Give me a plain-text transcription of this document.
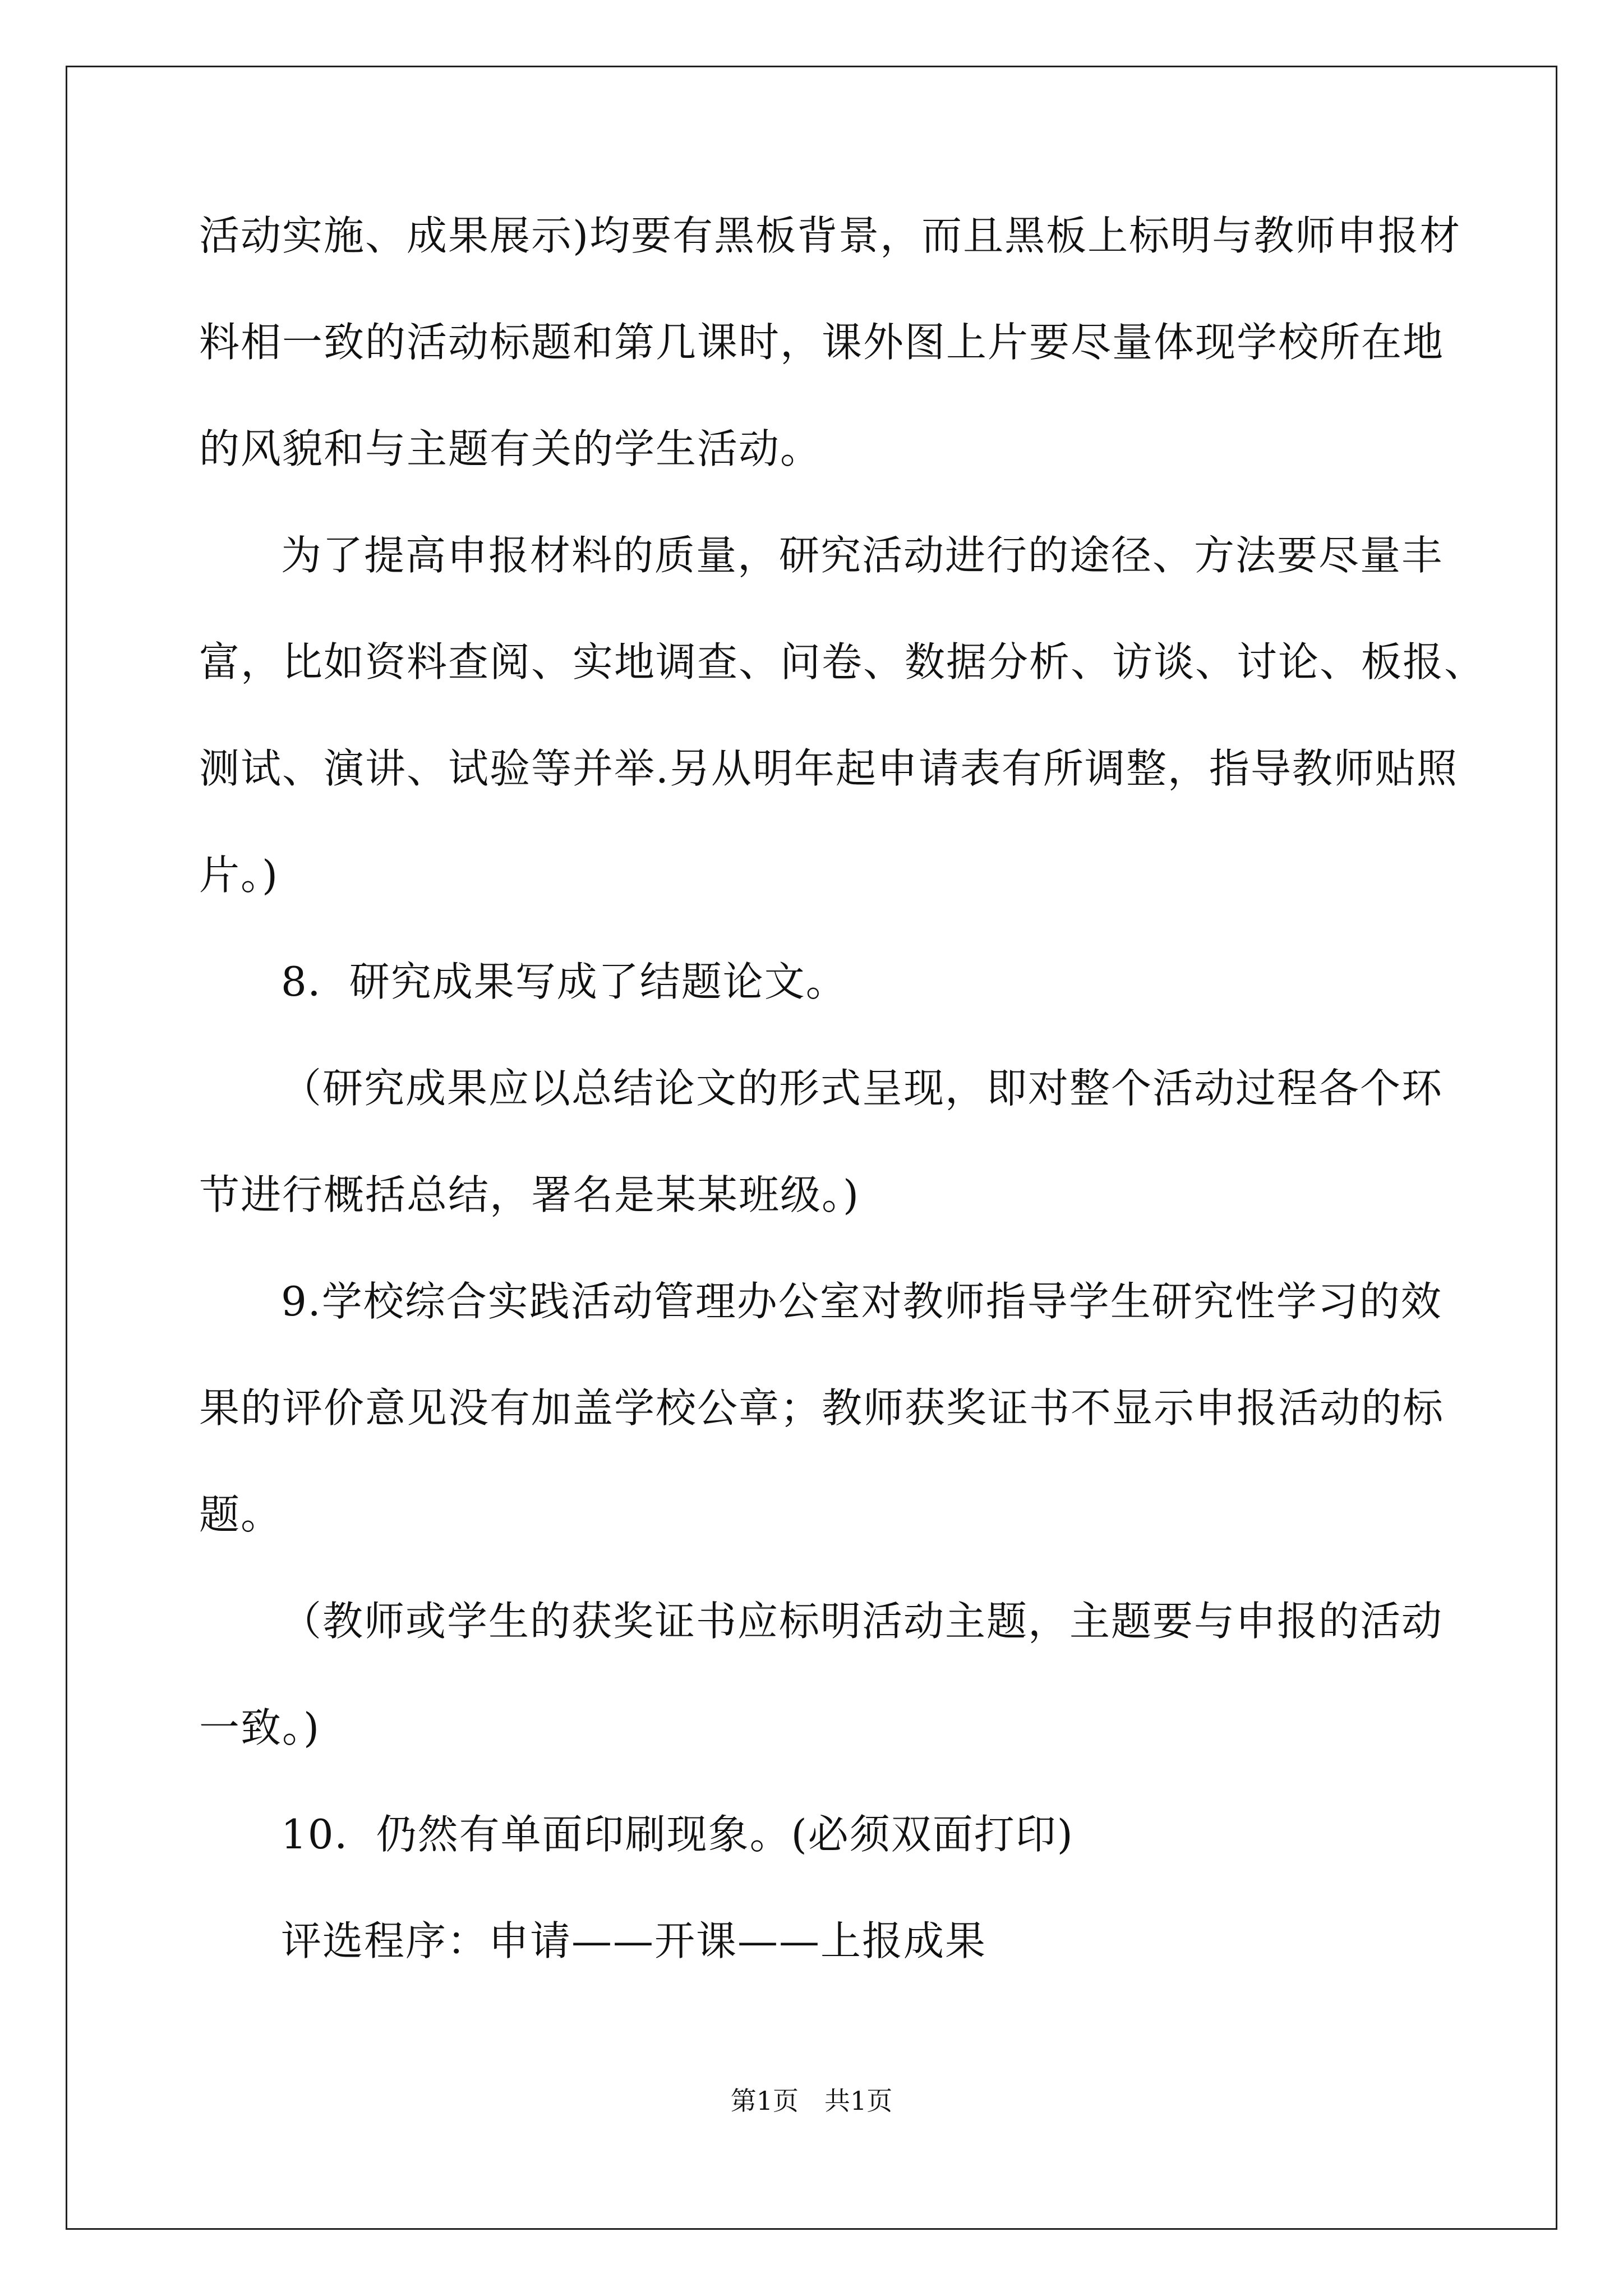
活动实施、成果展示)均要有黑板背景，而且黑板上标明与教师申报材
料相一致的活动标题和第几课时，课外图上片要尽量体现学校所在地
的风貌和与主题有关的学生活动。
为了提高申报材料的质量，研究活动进行的途径、方法要尽量丰
富，比如资料查阅、实地调查、问卷、数据分析、访谈、讨论、板报、
测试、演讲、试验等并举.另从明年起申请表有所调整，指导教师贴照
片。)
8．研究成果写成了结题论文。
（研究成果应以总结论文的形式呈现，即对整个活动过程各个环
节进行概括总结，署名是某某班级。)
9.学校综合实践活动管理办公室对教师指导学生研究性学习的效
果的评价意见没有加盖学校公章；教师获奖证书不显示申报活动的标
题。
（教师或学生的获奖证书应标明活动主题，主题要与申报的活动
一致。)
10．仍然有单面印刷现象。(必须双面打印)
评选程序：申请——开课——上报成果
第1页　共1页
